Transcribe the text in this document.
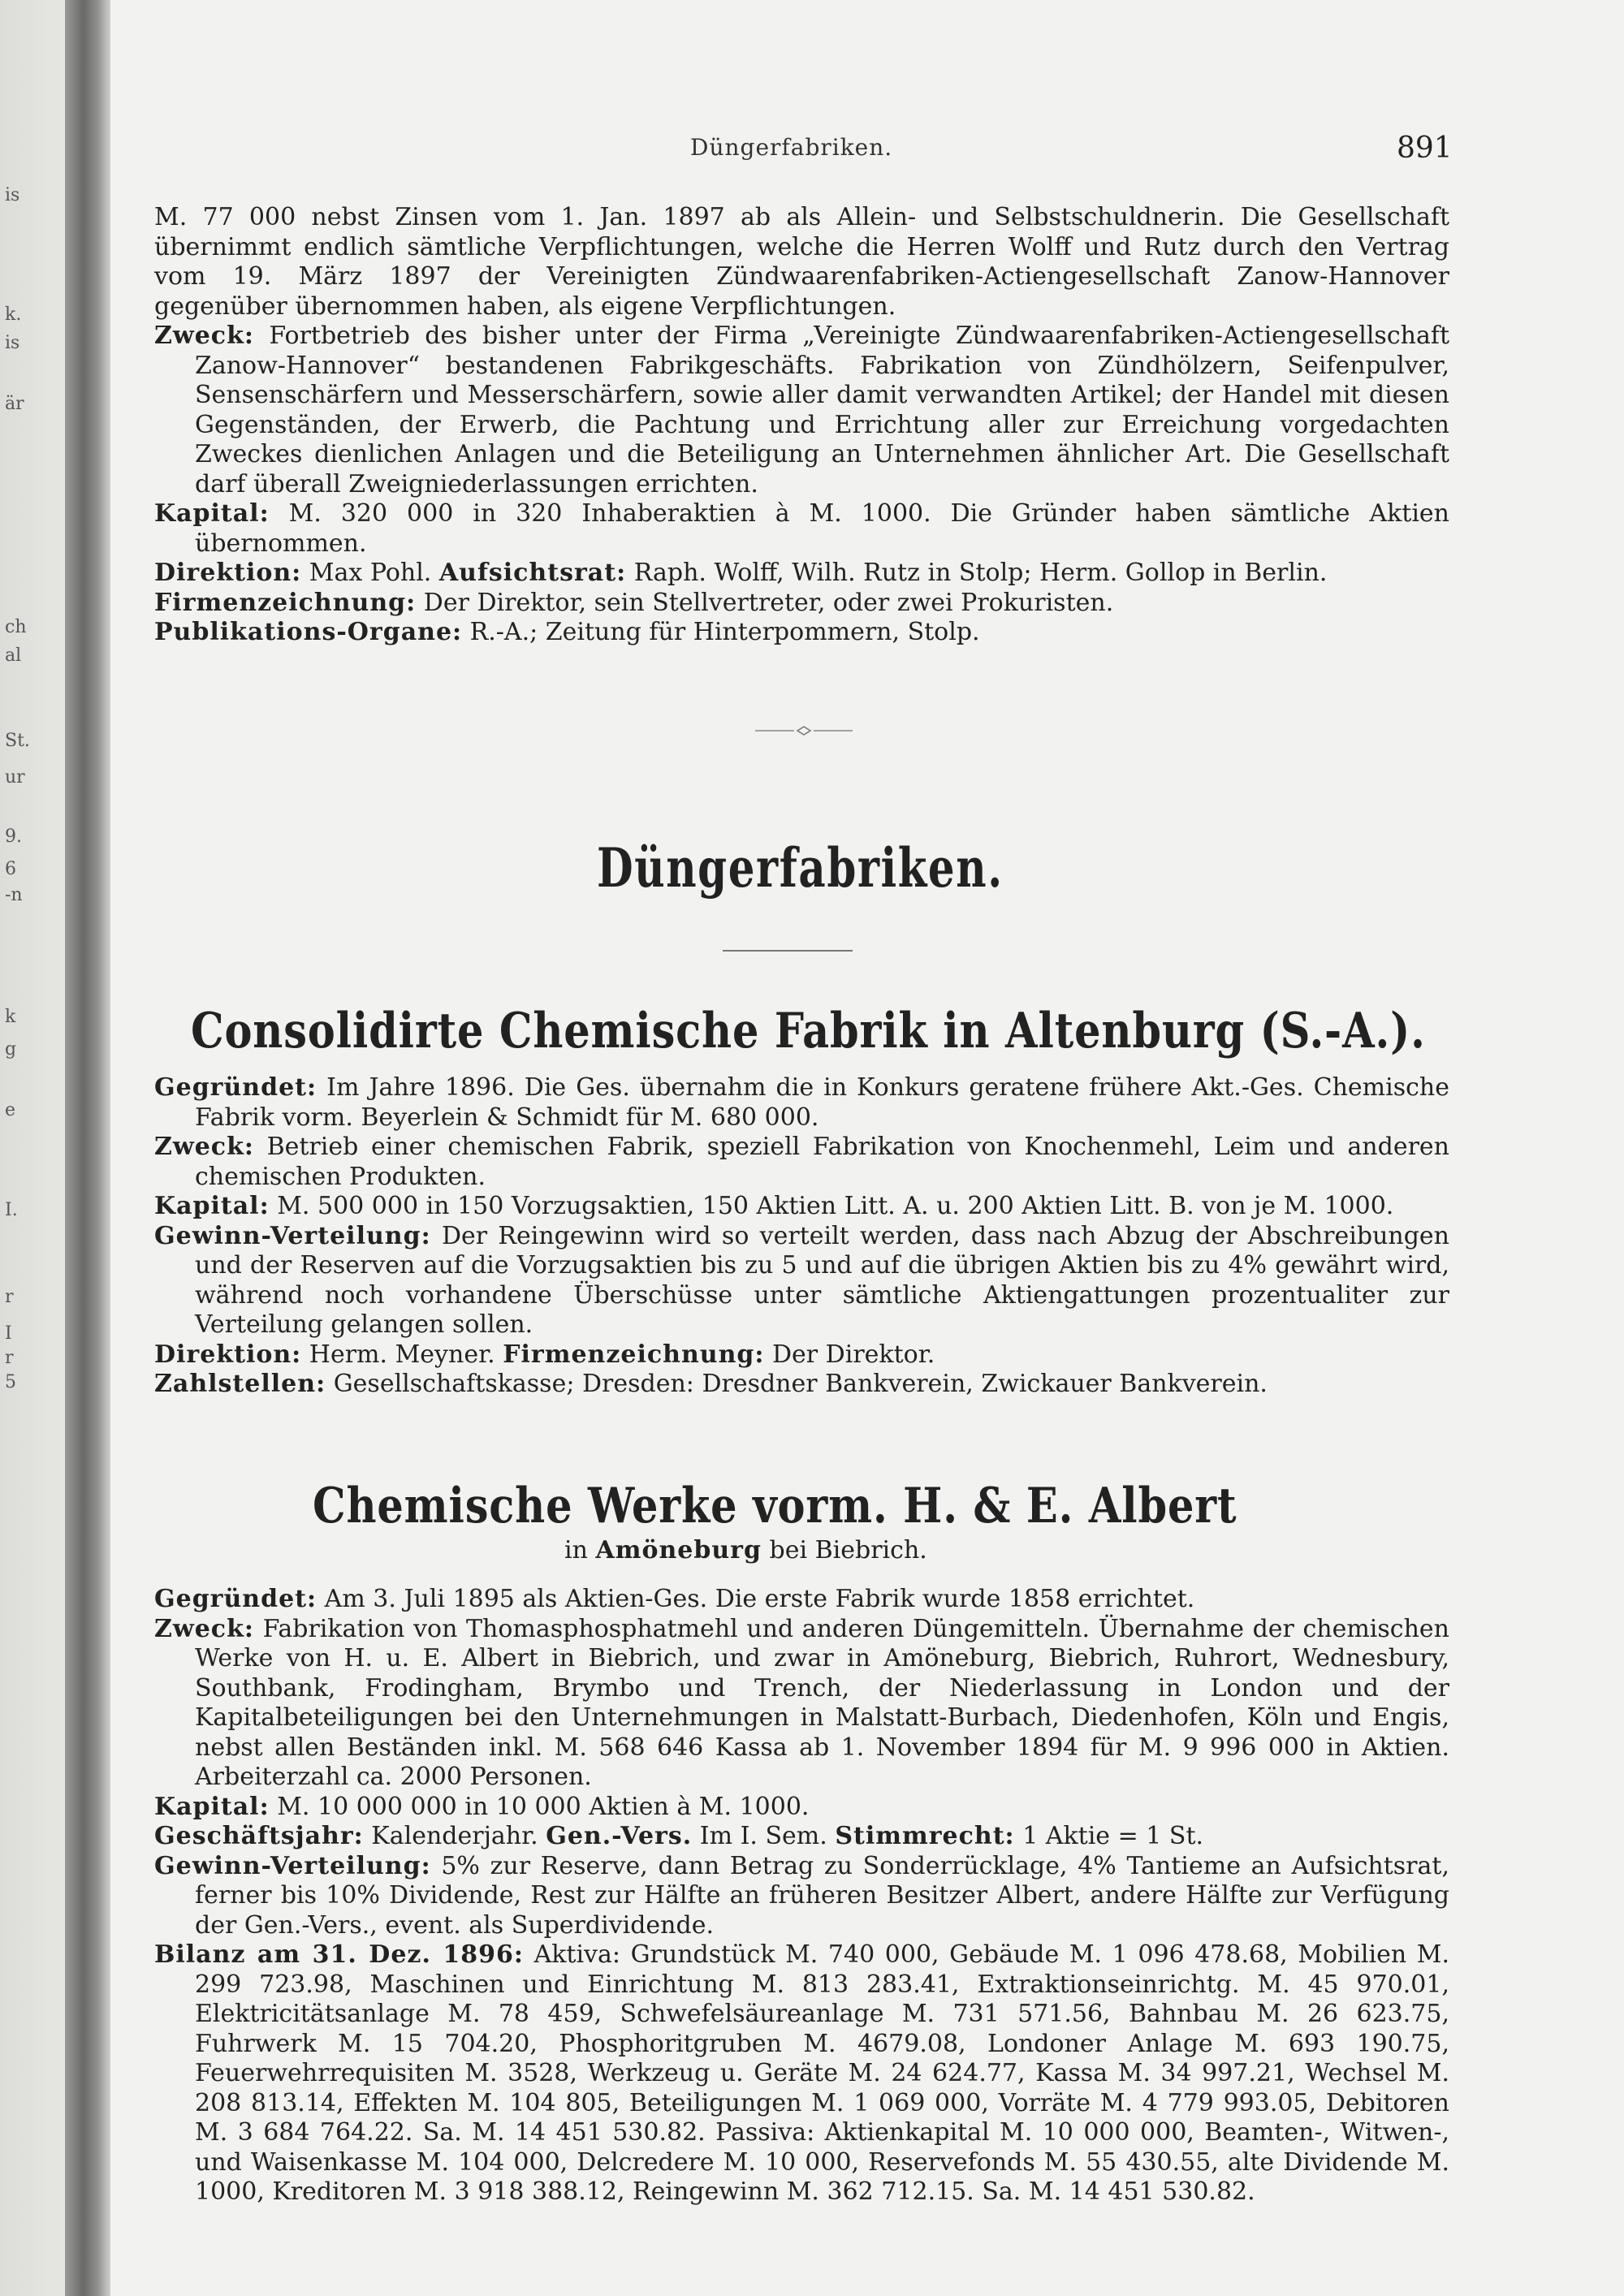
is
k.
is
är
ch
al
St.
ur
9.
6
-n
k
g
e
I.
r
I
r
5
Düngerfabriken.	891

M. 77 000 nebst Zinsen vom 1. Jan. 1897 ab als Allein- und Selbstschuldnerin. Die Gesellschaft übernimmt endlich sämtliche Verpflichtungen, welche die Herren Wolff und Rutz durch den Vertrag vom 19. März 1897 der Vereinigten Zündwaarenfabriken-Actiengesellschaft Zanow-Hannover gegenüber übernommen haben, als eigene Verpflichtungen.

Zweck: Fortbetrieb des bisher unter der Firma „Vereinigte Zündwaarenfabriken-Actiengesellschaft Zanow-Hannover“ bestandenen Fabrikgeschäfts. Fabrikation von Zündhölzern, Seifenpulver, Sensenschärfern und Messerschärfern, sowie aller damit verwandten Artikel; der Handel mit diesen Gegenständen, der Erwerb, die Pachtung und Errichtung aller zur Erreichung vorgedachten Zweckes dienlichen Anlagen und die Beteiligung an Unternehmen ähnlicher Art. Die Gesellschaft darf überall Zweigniederlassungen errichten.

Kapital: M. 320 000 in 320 Inhaberaktien à M. 1000. Die Gründer haben sämtliche Aktien übernommen.

Direktion: Max Pohl. Aufsichtsrat: Raph. Wolff, Wilh. Rutz in Stolp; Herm. Gollop in Berlin.

Firmenzeichnung: Der Direktor, sein Stellvertreter, oder zwei Prokuristen.

Publikations-Organe: R.-A.; Zeitung für Hinterpommern, Stolp.

Düngerfabriken.
Consolidirte Chemische Fabrik in Altenburg (S.-A.).

Gegründet: Im Jahre 1896. Die Ges. übernahm die in Konkurs geratene frühere Akt.-Ges. Chemische Fabrik vorm. Beyerlein & Schmidt für M. 680 000.

Zweck: Betrieb einer chemischen Fabrik, speziell Fabrikation von Knochenmehl, Leim und anderen chemischen Produkten.

Kapital: M. 500 000 in 150 Vorzugsaktien, 150 Aktien Litt. A. u. 200 Aktien Litt. B. von je M. 1000.

Gewinn-Verteilung: Der Reingewinn wird so verteilt werden, dass nach Abzug der Abschreibungen und der Reserven auf die Vorzugsaktien bis zu 5 und auf die übrigen Aktien bis zu 4% gewährt wird, während noch vorhandene Überschüsse unter sämtliche Aktiengattungen prozentualiter zur Verteilung gelangen sollen.

Direktion: Herm. Meyner. Firmenzeichnung: Der Direktor.

Zahlstellen: Gesellschaftskasse; Dresden: Dresdner Bankverein, Zwickauer Bankverein.

Chemische Werke vorm. H. & E. Albert
in Amöneburg bei Biebrich.

Gegründet: Am 3. Juli 1895 als Aktien-Ges. Die erste Fabrik wurde 1858 errichtet.

Zweck: Fabrikation von Thomasphosphatmehl und anderen Düngemitteln. Übernahme der chemischen Werke von H. u. E. Albert in Biebrich, und zwar in Amöneburg, Biebrich, Ruhrort, Wednesbury, Southbank, Frodingham, Brymbo und Trench, der Niederlassung in London und der Kapitalbeteiligungen bei den Unternehmungen in Malstatt-Burbach, Diedenhofen, Köln und Engis, nebst allen Beständen inkl. M. 568 646 Kassa ab 1. November 1894 für M. 9 996 000 in Aktien. Arbeiterzahl ca. 2000 Personen.

Kapital: M. 10 000 000 in 10 000 Aktien à M. 1000.

Geschäftsjahr: Kalenderjahr. Gen.-Vers. Im I. Sem. Stimmrecht: 1 Aktie = 1 St.

Gewinn-Verteilung: 5% zur Reserve, dann Betrag zu Sonderrücklage, 4% Tantieme an Aufsichtsrat, ferner bis 10% Dividende, Rest zur Hälfte an früheren Besitzer Albert, andere Hälfte zur Verfügung der Gen.-Vers., event. als Superdividende.

Bilanz am 31. Dez. 1896: Aktiva: Grundstück M. 740 000, Gebäude M. 1 096 478.68, Mobilien M. 299 723.98, Maschinen und Einrichtung M. 813 283.41, Extraktionseinrichtg. M. 45 970.01, Elektricitätsanlage M. 78 459, Schwefelsäureanlage M. 731 571.56, Bahnbau M. 26 623.75, Fuhrwerk M. 15 704.20, Phosphoritgruben M. 4679.08, Londoner Anlage M. 693 190.75, Feuerwehrrequisiten M. 3528, Werkzeug u. Geräte M. 24 624.77, Kassa M. 34 997.21, Wechsel M. 208 813.14, Effekten M. 104 805, Beteiligungen M. 1 069 000, Vorräte M. 4 779 993.05, Debitoren M. 3 684 764.22. Sa. M. 14 451 530.82. Passiva: Aktienkapital M. 10 000 000, Beamten-, Witwen-, und Waisenkasse M. 104 000, Delcredere M. 10 000, Reservefonds M. 55 430.55, alte Dividende M. 1000, Kreditoren M. 3 918 388.12, Reingewinn M. 362 712.15. Sa. M. 14 451 530.82.
